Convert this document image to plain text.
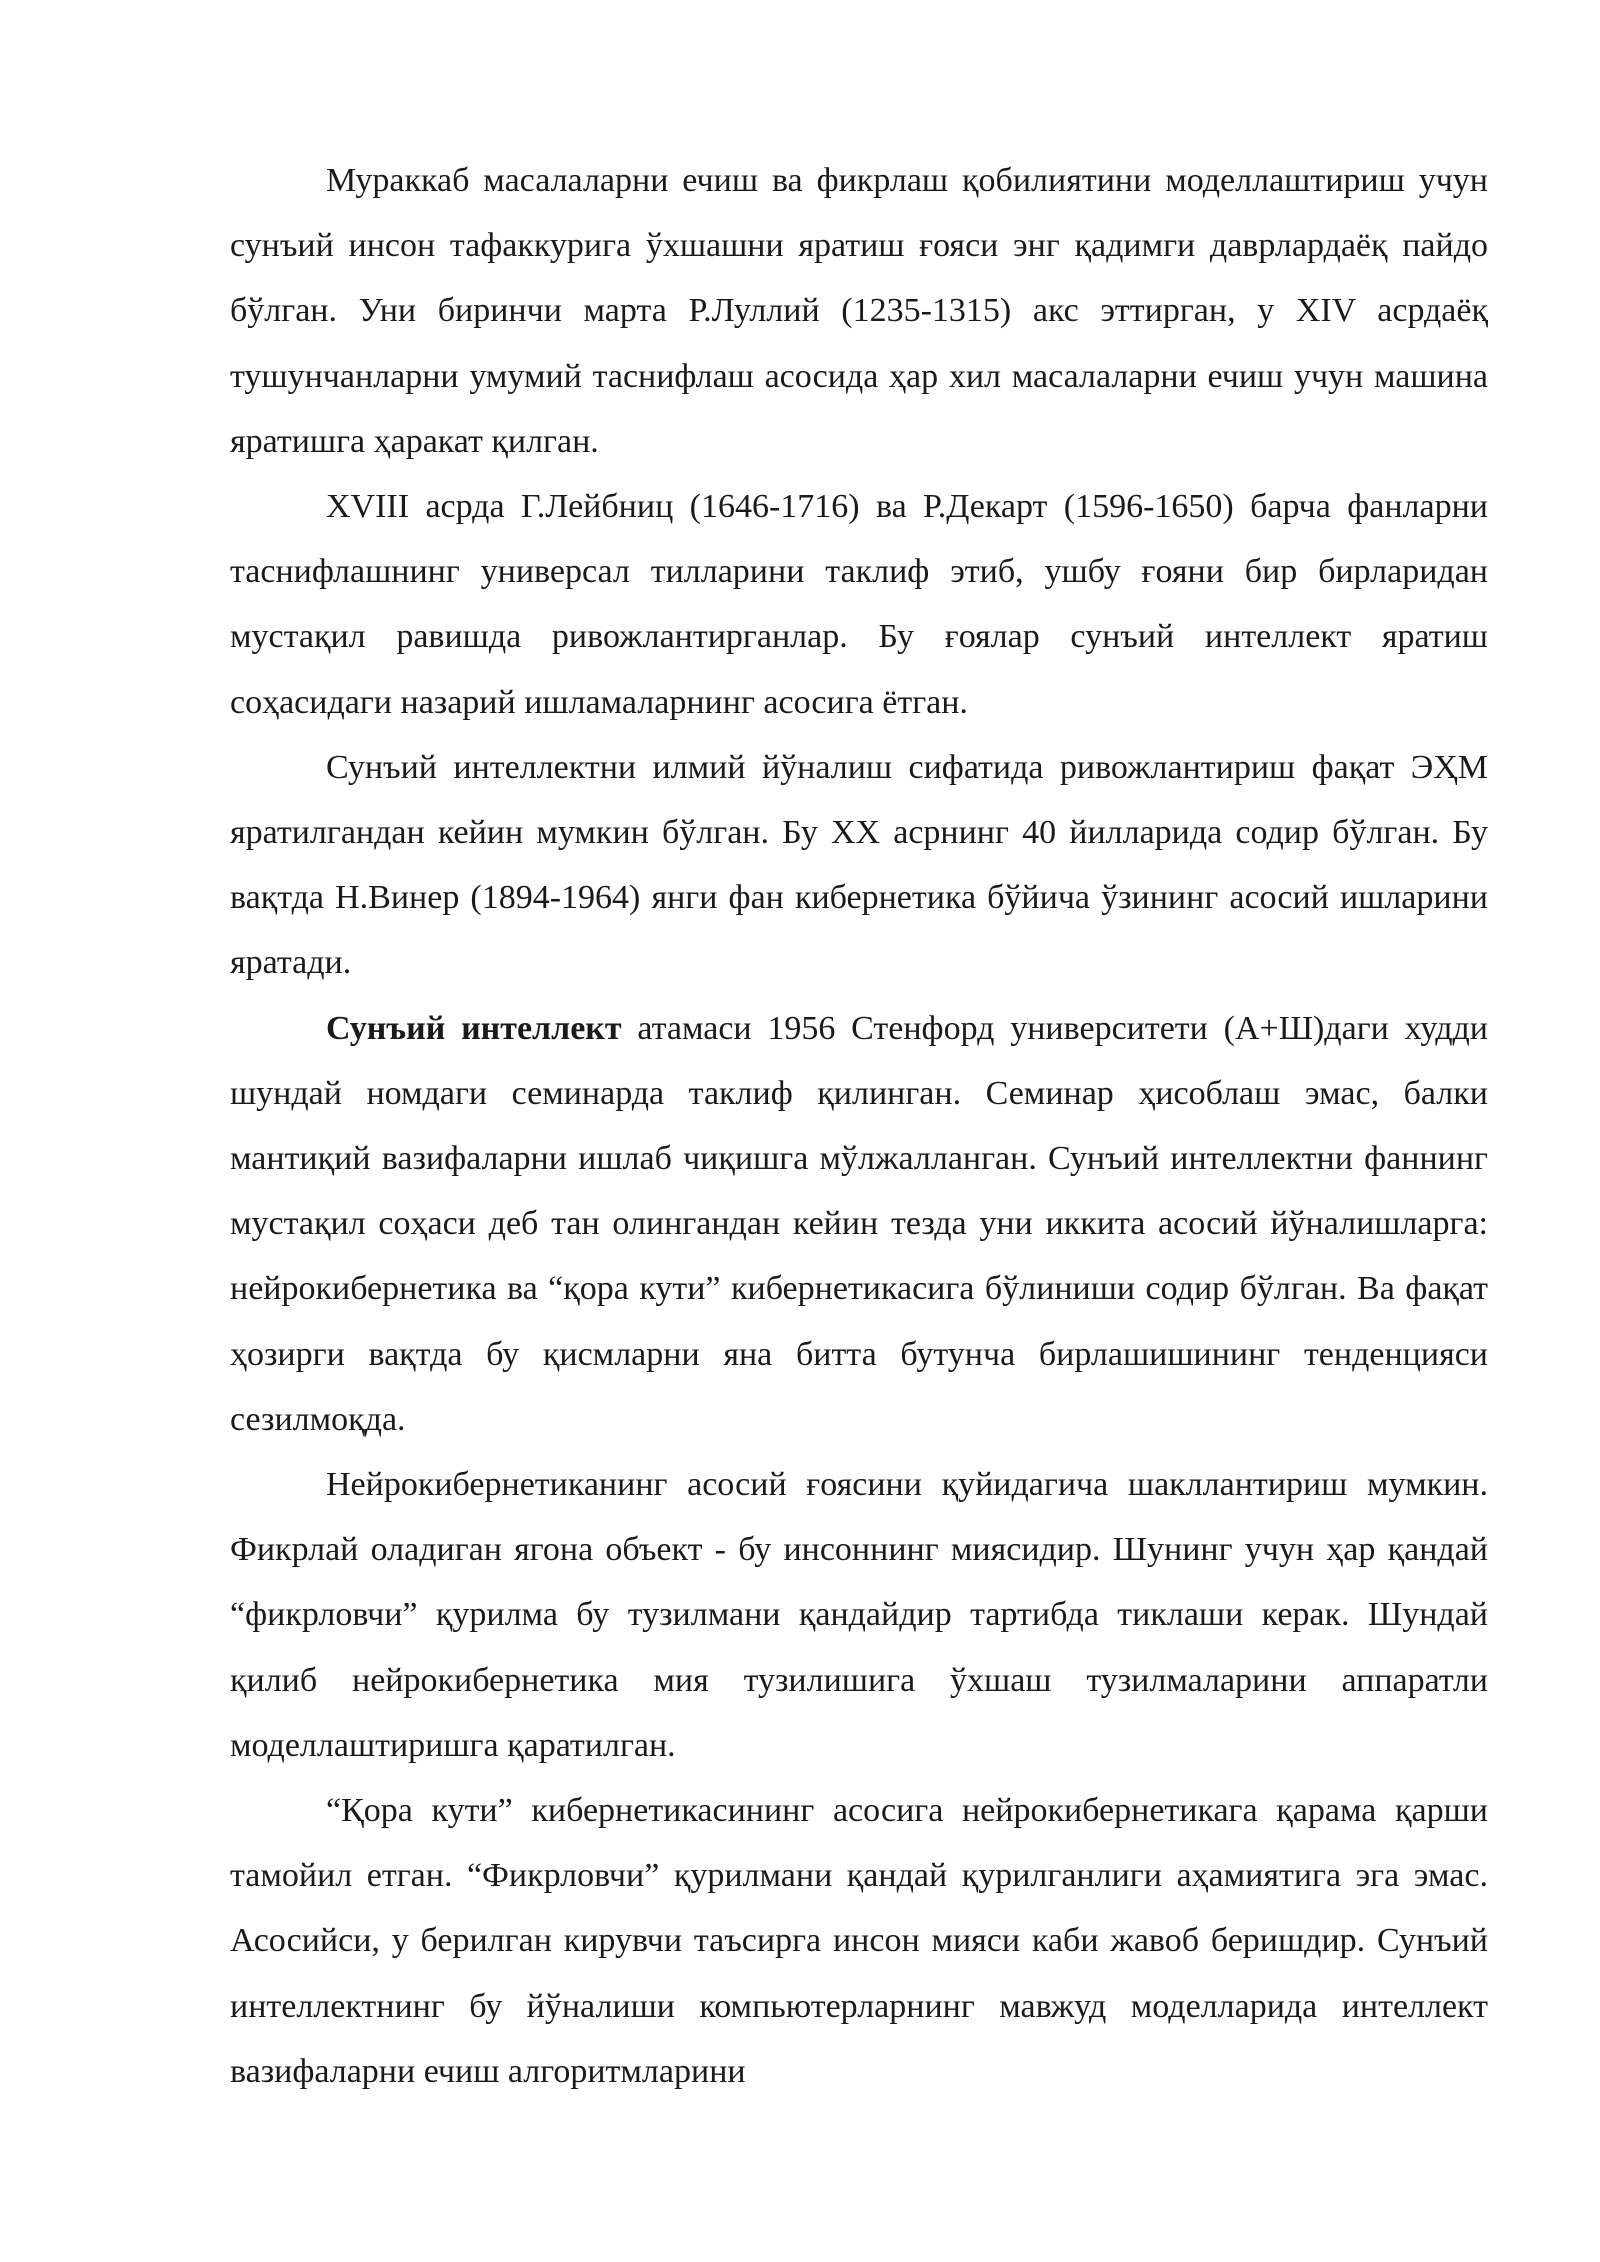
Мураккаб масалаларни ечиш ва фикрлаш қобилиятини моделлаштириш учун сунъий инсон тафаккурига ўхшашни яратиш ғояси энг қадимги даврлардаёқ пайдо бўлган. Уни биринчи марта Р.Луллий (1235-1315) акс эттирган, у XIV асрдаёқ тушунчанларни умумий таснифлаш асосида ҳар хил масалаларни ечиш учун машина яратишга ҳаракат қилган.

XVIII асрда Г.Лейбниц (1646-1716) ва Р.Декарт (1596-1650) барча фанларни таснифлашнинг универсал тилларини таклиф этиб, ушбу ғояни бир бирларидан мустақил равишда ривожлантирганлар. Бу ғоялар сунъий интеллект яратиш соҳасидаги назарий ишламаларнинг асосига ётган.

Сунъий интеллектни илмий йўналиш сифатида ривожлантириш фақат ЭҲМ яратилгандан кейин мумкин бўлган. Бу XX асрнинг 40 йилларида содир бўлган. Бу вақтда Н.Винер (1894-1964) янги фан кибернетика бўйича ўзининг асосий ишларини яратади.

Сунъий интеллект атамаси 1956 Стенфорд университети (А+Ш)даги худди шундай номдаги семинарда таклиф қилинган. Семинар ҳисоблаш эмас, балки мантиқий вазифаларни ишлаб чиқишга мўлжалланган. Сунъий интеллектни фаннинг мустақил соҳаси деб тан олингандан кейин тезда уни иккита асосий йўналишларга: нейрокибернетика ва “қора кути” кибернетикасига бўлиниши содир бўлган. Ва фақат ҳозирги вақтда бу қисмларни яна битта бутунча бирлашишининг тенденцияси сезилмоқда.

Нейрокибернетиканинг асосий ғоясини қуйидагича шакллантириш мумкин. Фикрлай оладиган ягона объект - бу инсоннинг миясидир. Шунинг учун ҳар қандай “фикрловчи” қурилма бу тузилмани қандайдир тартибда тиклаши керак. Шундай қилиб нейрокибернетика мия тузилишига ўхшаш тузилмаларини аппаратли моделлаштиришга қаратилган.

“Қора кути” кибернетикасининг асосига нейрокибернетикага қарама қарши тамойил етган. “Фикрловчи” қурилмани қандай қурилганлиги аҳамиятига эга эмас. Асосийси, у берилган кирувчи таъсирга инсон мияси каби жавоб беришдир. Сунъий интеллектнинг бу йўналиши компьютерларнинг мавжуд моделларида интеллект вазифаларни ечиш алгоритмларини
